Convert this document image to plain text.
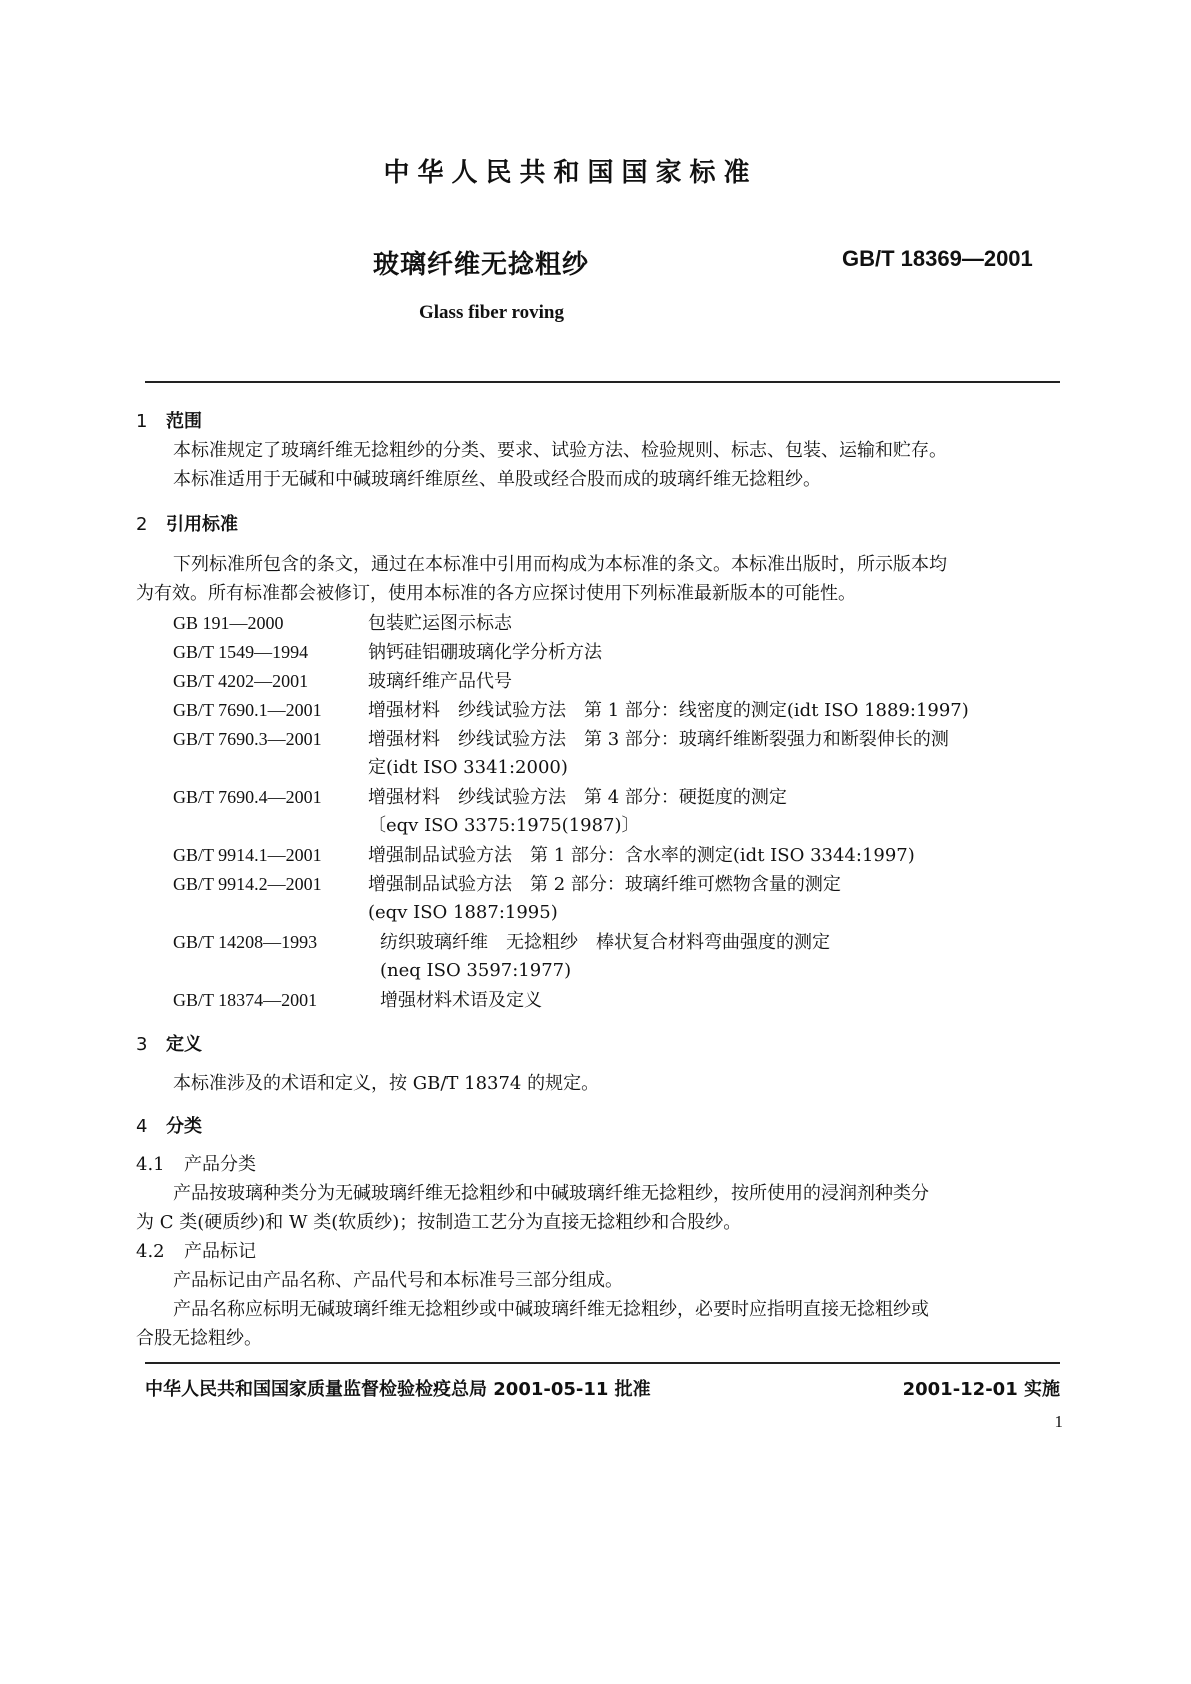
中华人民共和国国家标准
玻璃纤维无捻粗纱	GB/T 18369—2001
Glass fiber roving
1 范围
本标准规定了玻璃纤维无捻粗纱的分类、要求、试验方法、检验规则、标志、包装、运输和贮存。
本标准适用于无碱和中碱玻璃纤维原丝、单股或经合股而成的玻璃纤维无捻粗纱。
2 引用标准
下列标准所包含的条文，通过在本标准中引用而构成为本标准的条文。本标准出版时，所示版本均
为有效。所有标准都会被修订，使用本标准的各方应探讨使用下列标准最新版本的可能性。
GB 191—2000	包装贮运图示标志
GB/T 1549—1994	钠钙硅铝硼玻璃化学分析方法
GB/T 4202—2001	玻璃纤维产品代号
GB/T 7690.1—2001	增强材料　纱线试验方法　第 1 部分：线密度的测定(idt ISO 1889:1997)
GB/T 7690.3—2001	增强材料　纱线试验方法　第 3 部分：玻璃纤维断裂强力和断裂伸长的测
定(idt ISO 3341:2000)
GB/T 7690.4—2001	增强材料　纱线试验方法　第 4 部分：硬挺度的测定
〔eqv ISO 3375:1975(1987)〕
GB/T 9914.1—2001	增强制品试验方法　第 1 部分：含水率的测定(idt ISO 3344:1997)
GB/T 9914.2—2001	增强制品试验方法　第 2 部分：玻璃纤维可燃物含量的测定
(eqv ISO 1887:1995)
GB/T 14208—1993	纺织玻璃纤维　无捻粗纱　棒状复合材料弯曲强度的测定
(neq ISO 3597:1977)
GB/T 18374—2001	增强材料术语及定义
3 定义
本标准涉及的术语和定义，按 GB/T 18374 的规定。
4 分类
4.1 产品分类
产品按玻璃种类分为无碱玻璃纤维无捻粗纱和中碱玻璃纤维无捻粗纱，按所使用的浸润剂种类分
为 C 类(硬质纱)和 W 类(软质纱)；按制造工艺分为直接无捻粗纱和合股纱。
4.2 产品标记
产品标记由产品名称、产品代号和本标准号三部分组成。
产品名称应标明无碱玻璃纤维无捻粗纱或中碱玻璃纤维无捻粗纱，必要时应指明直接无捻粗纱或
合股无捻粗纱。
中华人民共和国国家质量监督检验检疫总局 2001-05-11 批准	2001-12-01 实施
1
